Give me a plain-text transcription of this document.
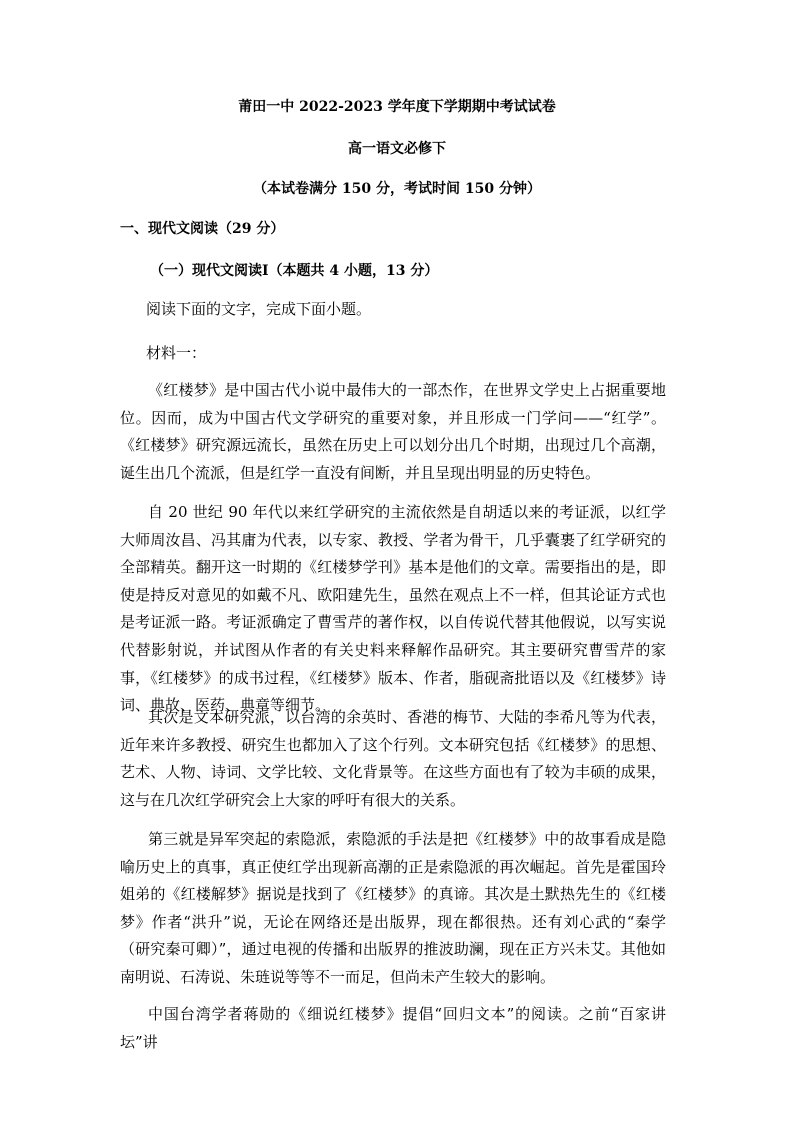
莆田一中 2022-2023 学年度下学期期中考试试卷
高一语文必修下
（本试卷满分 150 分，考试时间 150 分钟）
一、现代文阅读（29 分）
（一）现代文阅读Ⅰ（本题共 4 小题，13 分）
阅读下面的文字，完成下面小题。
材料一：

《红楼梦》是中国古代小说中最伟大的一部杰作，在世界文学史上占据重要地位。因而，成为中国古代文学研究的重要对象，并且形成一门学问——“红学”。《红楼梦》研究源远流长，虽然在历史上可以划分出几个时期，出现过几个高潮，诞生出几个流派，但是红学一直没有间断，并且呈现出明显的历史特色。

自 20 世纪 90 年代以来红学研究的主流依然是自胡适以来的考证派，以红学大师周汝昌、冯其庸为代表，以专家、教授、学者为骨干，几乎囊裹了红学研究的全部精英。翻开这一时期的《红楼梦学刊》基本是他们的文章。需要指出的是，即使是持反对意见的如戴不凡、欧阳建先生，虽然在观点上不一样，但其论证方式也是考证派一路。考证派确定了曹雪芹的著作权，以自传说代替其他假说，以写实说代替影射说，并试图从作者的有关史料来释解作品研究。其主要研究曹雪芹的家事，《红楼梦》的成书过程，《红楼梦》版本、作者，脂砚斋批语以及《红楼梦》诗词、典故、医药、典章等细节。

其次是文本研究派，以台湾的余英时、香港的梅节、大陆的李希凡等为代表，近年来许多教授、研究生也都加入了这个行列。文本研究包括《红楼梦》的思想、艺术、人物、诗词、文学比较、文化背景等。在这些方面也有了较为丰硕的成果，这与在几次红学研究会上大家的呼吁有很大的关系。

第三就是异军突起的索隐派，索隐派的手法是把《红楼梦》中的故事看成是隐喻历史上的真事，真正使红学出现新高潮的正是索隐派的再次崛起。首先是霍国玲姐弟的《红楼解梦》据说是找到了《红楼梦》的真谛。其次是土默热先生的《红楼梦》作者“洪升”说，无论在网络还是出版界，现在都很热。还有刘心武的“秦学（研究秦可卿）”，通过电视的传播和出版界的推波助澜，现在正方兴未艾。其他如南明说、石涛说、朱琏说等等不一而足，但尚未产生较大的影响。

中国台湾学者蒋勋的《细说红楼梦》提倡“回归文本”的阅读。之前“百家讲坛”讲
